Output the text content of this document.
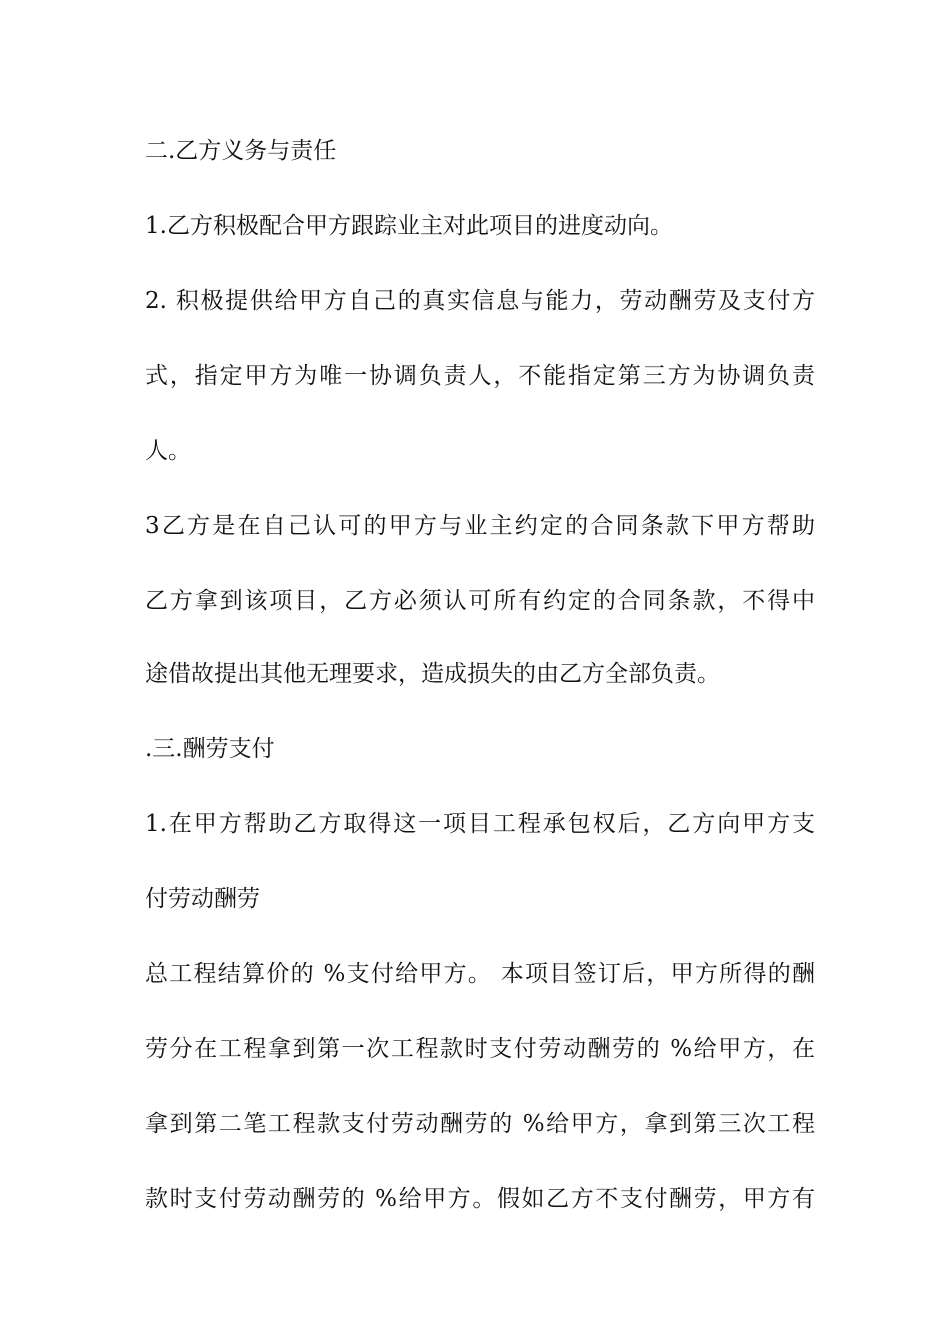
二.乙方义务与责任
1.乙方积极配合甲方跟踪业主对此项目的进度动向。
2. 积极提供给甲方自己的真实信息与能力，劳动酬劳及支付方
式，指定甲方为唯一协调负责人，不能指定第三方为协调负责
人。
3乙方是在自己认可的甲方与业主约定的合同条款下甲方帮助
乙方拿到该项目，乙方必须认可所有约定的合同条款，不得中
途借故提出其他无理要求，造成损失的由乙方全部负责。
.三.酬劳支付
1.在甲方帮助乙方取得这一项目工程承包权后，乙方向甲方支
付劳动酬劳
总工程结算价的 %支付给甲方。 本项目签订后，甲方所得的酬
劳分在工程拿到第一次工程款时支付劳动酬劳的 %给甲方，在
拿到第二笔工程款支付劳动酬劳的 %给甲方，拿到第三次工程
款时支付劳动酬劳的 %给甲方。假如乙方不支付酬劳，甲方有
